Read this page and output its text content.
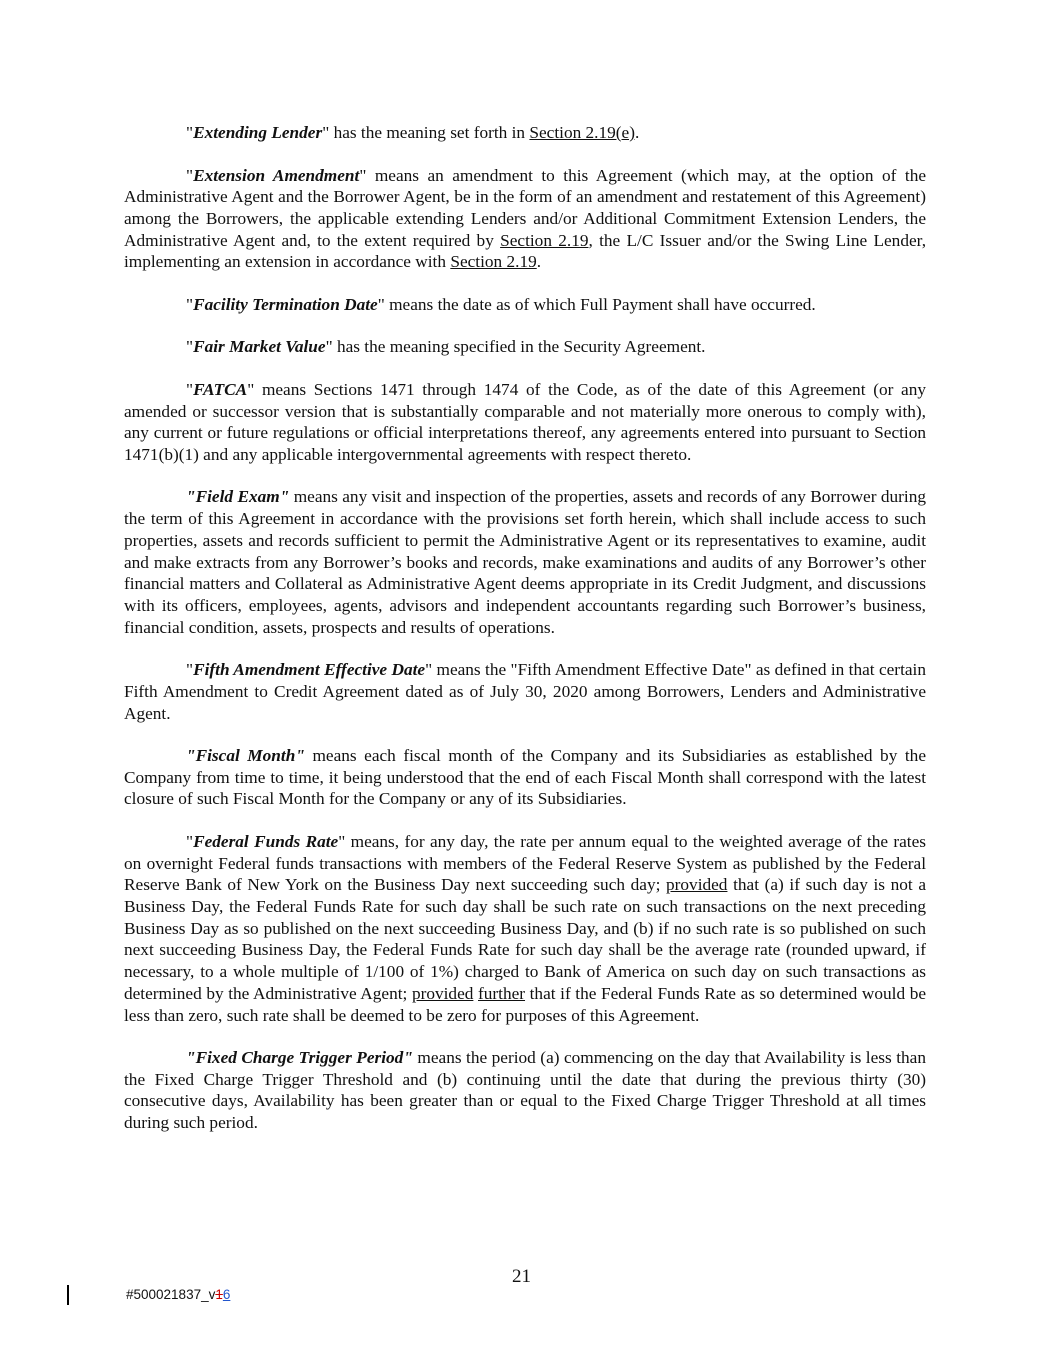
"Extending Lender" has the meaning set forth in Section 2.19(e).

"Extension Amendment" means an amendment to this Agreement (which may, at the option of the Administrative Agent and the Borrower Agent, be in the form of an amendment and restatement of this Agreement) among the Borrowers, the applicable extending Lenders and/or Additional Commitment Extension Lenders, the Administrative Agent and, to the extent required by Section 2.19, the L/C Issuer and/or the Swing Line Lender, implementing an extension in accordance with Section 2.19.

"Facility Termination Date" means the date as of which Full Payment shall have occurred.

"Fair Market Value" has the meaning specified in the Security Agreement.

"FATCA" means Sections 1471 through 1474 of the Code, as of the date of this Agreement (or any amended or successor version that is substantially comparable and not materially more onerous to comply with), any current or future regulations or official interpretations thereof, any agreements entered into pursuant to Section 1471(b)(1) and any applicable intergovernmental agreements with respect thereto.

"Field Exam" means any visit and inspection of the properties, assets and records of any Borrower during the term of this Agreement in accordance with the provisions set forth herein, which shall include access to such properties, assets and records sufficient to permit the Administrative Agent or its representatives to examine, audit and make extracts from any Borrower’s books and records, make examinations and audits of any Borrower’s other financial matters and Collateral as Administrative Agent deems appropriate in its Credit Judgment, and discussions with its officers, employees, agents, advisors and independent accountants regarding such Borrower’s business, financial condition, assets, prospects and results of operations.

"Fifth Amendment Effective Date" means the "Fifth Amendment Effective Date" as defined in that certain Fifth Amendment to Credit Agreement dated as of July 30, 2020 among Borrowers, Lenders and Administrative Agent.

"Fiscal Month" means each fiscal month of the Company and its Subsidiaries as established by the Company from time to time, it being understood that the end of each Fiscal Month shall correspond with the latest closure of such Fiscal Month for the Company or any of its Subsidiaries.

"Federal Funds Rate" means, for any day, the rate per annum equal to the weighted average of the rates on overnight Federal funds transactions with members of the Federal Reserve System as published by the Federal Reserve Bank of New York on the Business Day next succeeding such day; provided that (a) if such day is not a Business Day, the Federal Funds Rate for such day shall be such rate on such transactions on the next preceding Business Day as so published on the next succeeding Business Day, and (b) if no such rate is so published on such next succeeding Business Day, the Federal Funds Rate for such day shall be the average rate (rounded upward, if necessary, to a whole multiple of 1/100 of 1%) charged to Bank of America on such day on such transactions as determined by the Administrative Agent; provided further that if the Federal Funds Rate as so determined would be less than zero, such rate shall be deemed to be zero for purposes of this Agreement.

"Fixed Charge Trigger Period" means the period (a) commencing on the day that Availability is less than the Fixed Charge Trigger Threshold and (b) continuing until the date that during the previous thirty (30) consecutive days, Availability has been greater than or equal to the Fixed Charge Trigger Threshold at all times during such period.

21
#500021837_v16
